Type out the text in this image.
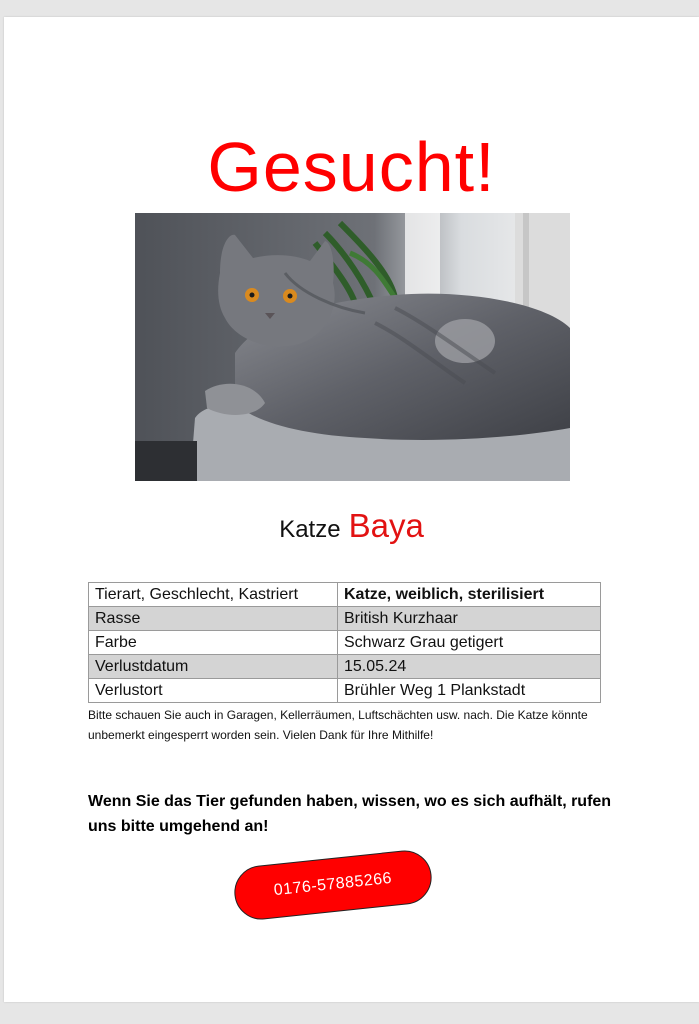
Gesucht!
Katze Baya
Tierart, Geschlecht, Kastriert	Katze, weiblich, sterilisiert
Rasse	British Kurzhaar
Farbe	Schwarz Grau getigert
Verlustdatum	15.05.24
Verlustort	Brühler Weg 1 Plankstadt
Bitte schauen Sie auch in Garagen, Kellerräumen, Luftschächten usw. nach. Die Katze könnte unbemerkt eingesperrt worden sein. Vielen Dank für Ihre Mithilfe!
Wenn Sie das Tier gefunden haben, wissen, wo es sich aufhält, rufen uns bitte umgehend an!
0176-57885266
